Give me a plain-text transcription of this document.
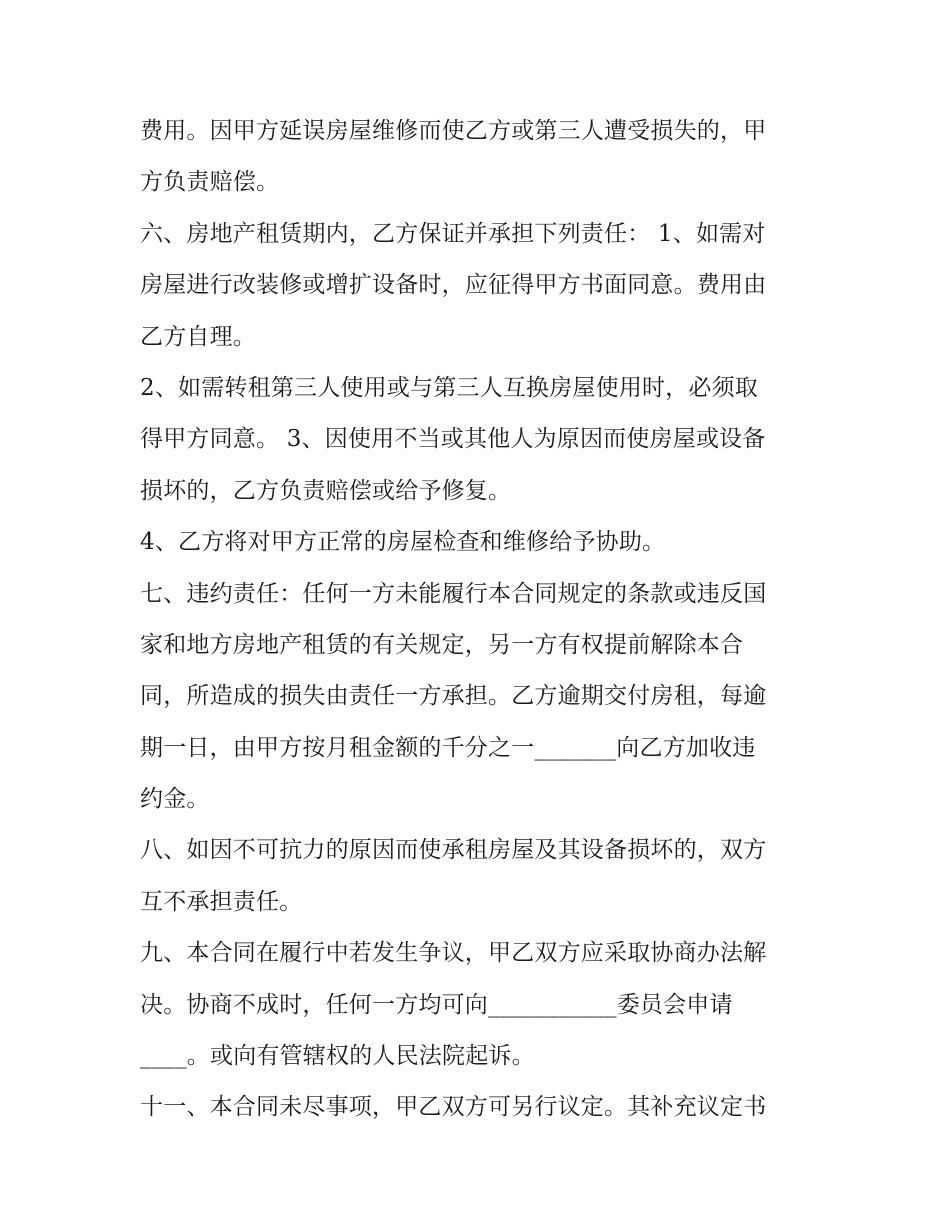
费用。因甲方延误房屋维修而使乙方或第三人遭受损失的，甲
方负责赔偿。
六、房地产租赁期内，乙方保证并承担下列责任： 1、如需对
房屋进行改装修或增扩设备时，应征得甲方书面同意。费用由
乙方自理。
2、如需转租第三人使用或与第三人互换房屋使用时，必须取
得甲方同意。 3、因使用不当或其他人为原因而使房屋或设备
损坏的，乙方负责赔偿或给予修复。
4、乙方将对甲方正常的房屋检查和维修给予协助。
七、违约责任：任何一方未能履行本合同规定的条款或违反国
家和地方房地产租赁的有关规定，另一方有权提前解除本合
同，所造成的损失由责任一方承担。乙方逾期交付房租，每逾
期一日，由甲方按月租金额的千分之一_______向乙方加收违
约金。
八、如因不可抗力的原因而使承租房屋及其设备损坏的，双方
互不承担责任。
九、本合同在履行中若发生争议，甲乙双方应采取协商办法解
决。协商不成时，任何一方均可向___________委员会申请
____。或向有管辖权的人民法院起诉。
十一、本合同未尽事项，甲乙双方可另行议定。其补充议定书
